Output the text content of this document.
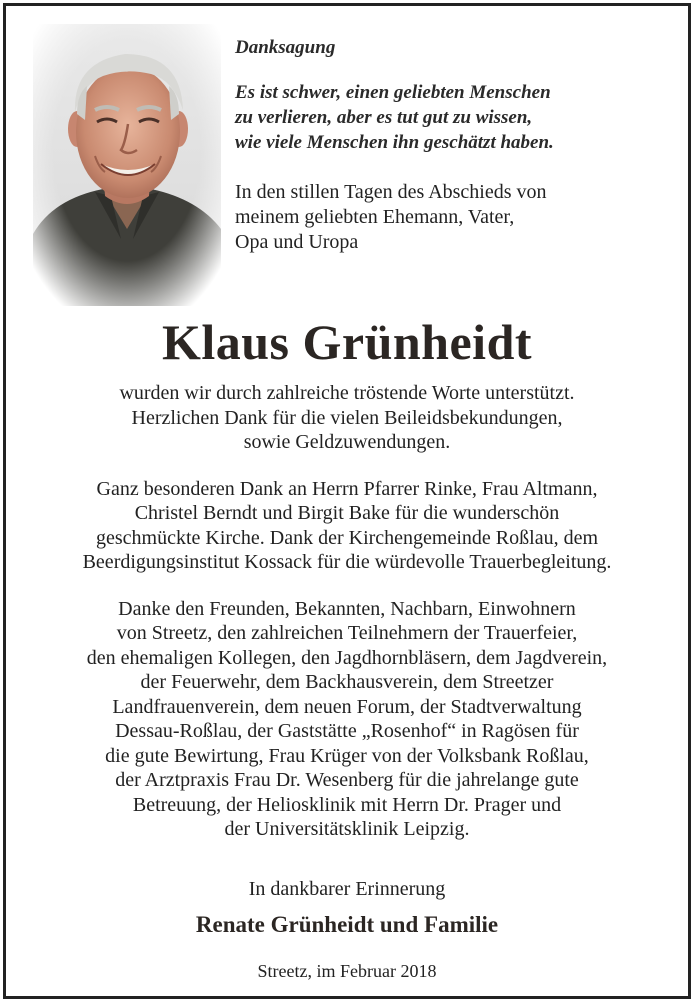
Danksagung

Es ist schwer, einen geliebten Menschen
zu verlieren, aber es tut gut zu wissen,
wie viele Menschen ihn geschätzt haben.

In den stillen Tagen des Abschieds von
meinem geliebten Ehemann, Vater,
Opa und Uropa

Klaus Grünheidt

wurden wir durch zahlreiche tröstende Worte unterstützt.
Herzlichen Dank für die vielen Beileidsbekundungen,
sowie Geldzuwendungen.

Ganz besonderen Dank an Herrn Pfarrer Rinke, Frau Altmann,
Christel Berndt und Birgit Bake für die wunderschön
geschmückte Kirche. Dank der Kirchengemeinde Roßlau, dem
Beerdigungsinstitut Kossack für die würdevolle Trauerbegleitung.

Danke den Freunden, Bekannten, Nachbarn, Einwohnern
von Streetz, den zahlreichen Teilnehmern der Trauerfeier,
den ehemaligen Kollegen, den Jagdhornbläsern, dem Jagdverein,
der Feuerwehr, dem Backhausverein, dem Streetzer
Landfrauenverein, dem neuen Forum, der Stadtverwaltung
Dessau-Roßlau, der Gaststätte „Rosenhof“ in Ragösen für
die gute Bewirtung, Frau Krüger von der Volksbank Roßlau,
der Arztpraxis Frau Dr. Wesenberg für die jahrelange gute
Betreuung, der Heliosklinik mit Herrn Dr. Prager und
der Universitätsklinik Leipzig.

In dankbarer Erinnerung

Renate Grünheidt und Familie

Streetz, im Februar 2018
